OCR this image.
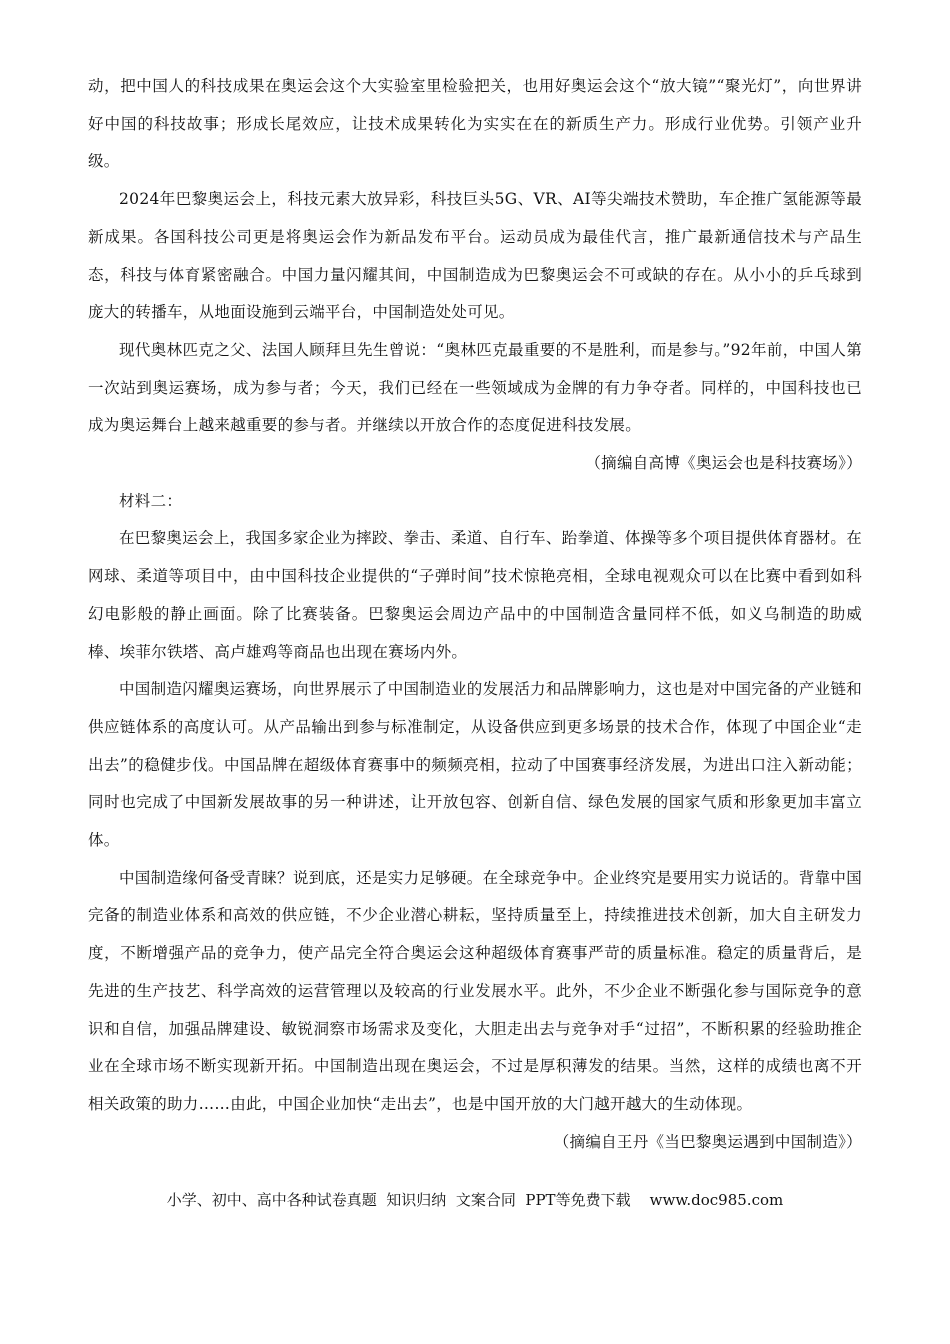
动，把中国人的科技成果在奥运会这个大实验室里检验把关，也用好奥运会这个“放大镜”“聚光灯”，向世界讲好中国的科技故事；形成长尾效应，让技术成果转化为实实在在的新质生产力。形成行业优势。引领产业升级。

2024年巴黎奥运会上，科技元素大放异彩，科技巨头5G、VR、AI等尖端技术赞助，车企推广氢能源等最新成果。各国科技公司更是将奥运会作为新品发布平台。运动员成为最佳代言，推广最新通信技术与产品生态，科技与体育紧密融合。中国力量闪耀其间，中国制造成为巴黎奥运会不可或缺的存在。从小小的乒乓球到庞大的转播车，从地面设施到云端平台，中国制造处处可见。

现代奥林匹克之父、法国人顾拜旦先生曾说：“奥林匹克最重要的不是胜利，而是参与。”92年前，中国人第一次站到奥运赛场，成为参与者；今天，我们已经在一些领域成为金牌的有力争夺者。同样的，中国科技也已成为奥运舞台上越来越重要的参与者。并继续以开放合作的态度促进科技发展。

（摘编自高博《奥运会也是科技赛场》）

材料二：

在巴黎奥运会上，我国多家企业为摔跤、拳击、柔道、自行车、跆拳道、体操等多个项目提供体育器材。在网球、柔道等项目中，由中国科技企业提供的“子弹时间”技术惊艳亮相，全球电视观众可以在比赛中看到如科幻电影般的静止画面。除了比赛装备。巴黎奥运会周边产品中的中国制造含量同样不低，如义乌制造的助威棒、埃菲尔铁塔、高卢雄鸡等商品也出现在赛场内外。

中国制造闪耀奥运赛场，向世界展示了中国制造业的发展活力和品牌影响力，这也是对中国完备的产业链和供应链体系的高度认可。从产品输出到参与标准制定，从设备供应到更多场景的技术合作，体现了中国企业“走出去”的稳健步伐。中国品牌在超级体育赛事中的频频亮相，拉动了中国赛事经济发展，为进出口注入新动能；同时也完成了中国新发展故事的另一种讲述，让开放包容、创新自信、绿色发展的国家气质和形象更加丰富立体。

中国制造缘何备受青睐？说到底，还是实力足够硬。在全球竞争中。企业终究是要用实力说话的。背靠中国完备的制造业体系和高效的供应链，不少企业潜心耕耘，坚持质量至上，持续推进技术创新，加大自主研发力度，不断增强产品的竞争力，使产品完全符合奥运会这种超级体育赛事严苛的质量标准。稳定的质量背后，是先进的生产技艺、科学高效的运营管理以及较高的行业发展水平。此外，不少企业不断强化参与国际竞争的意识和自信，加强品牌建设、敏锐洞察市场需求及变化，大胆走出去与竞争对手“过招”，不断积累的经验助推企业在全球市场不断实现新开拓。中国制造出现在奥运会，不过是厚积薄发的结果。当然，这样的成绩也离不开相关政策的助力……由此，中国企业加快“走出去”，也是中国开放的大门越开越大的生动体现。

（摘编自王丹《当巴黎奥运遇到中国制造》）

小学、初中、高中各种试卷真题  知识归纳  文案合同  PPT等免费下载    www.doc985.com
